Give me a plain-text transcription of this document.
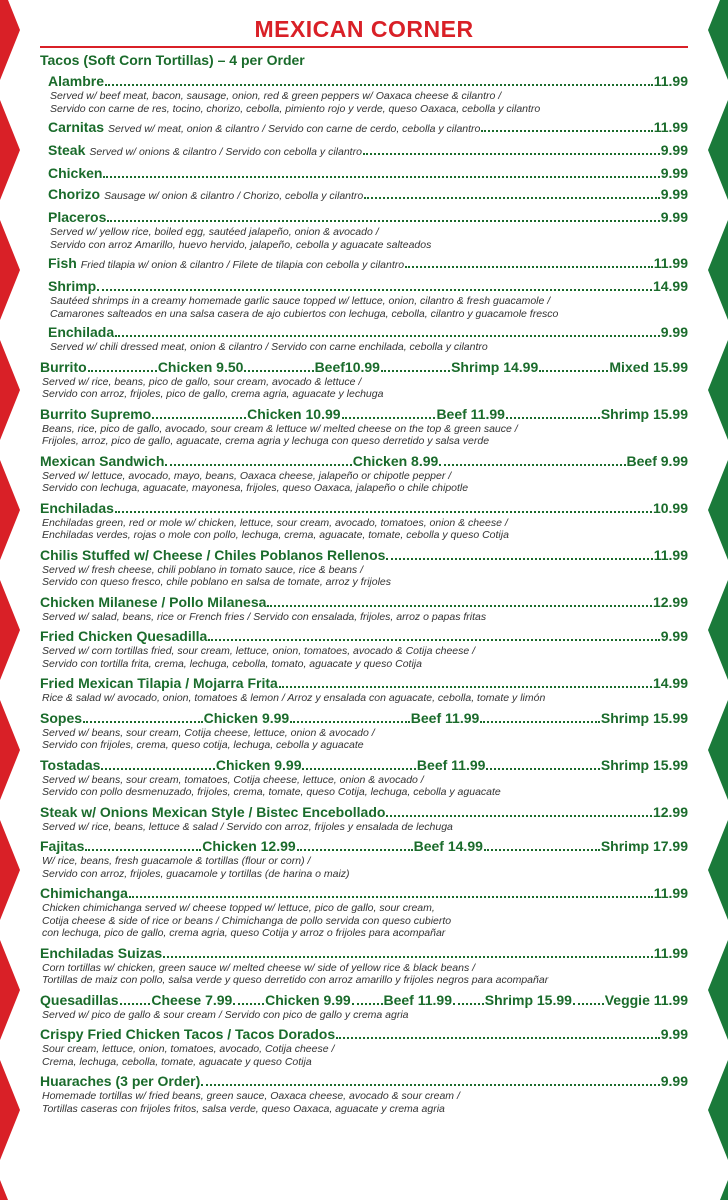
MEXICAN CORNER
Tacos (Soft Corn Tortillas) – 4 per Order
Alambre	11.99
Served w/ beef meat, bacon, sausage, onion, red & green peppers w/ Oaxaca cheese & cilantro /
Servido con carne de res, tocino, chorizo, cebolla, pimiento rojo y verde, queso Oaxaca, cebolla y cilantro
Carnitas Served w/ meat, onion & cilantro / Servido con carne de cerdo, cebolla y cilantro	11.99
Steak Served w/ onions & cilantro / Servido con cebolla y cilantro	9.99
Chicken	9.99
Chorizo Sausage w/ onion & cilantro / Chorizo, cebolla y cilantro	9.99
Placeros	9.99
Served w/ yellow rice, boiled egg, sautéed jalapeño, onion & avocado /
Servido con arroz Amarillo, huevo hervido, jalapeño, cebolla y aguacate salteados
Fish Fried tilapia w/ onion & cilantro / Filete de tilapia con cebolla y cilantro	11.99
Shrimp	14.99
Sautéed shrimps in a creamy homemade garlic sauce topped w/ lettuce, onion, cilantro & fresh guacamole /
Camarones salteados en una salsa casera de ajo cubiertos con lechuga, cebolla, cilantro y guacamole fresco
Enchilada	9.99
Served w/ chili dressed meat, onion & cilantro / Servido con carne enchilada, cebolla y cilantro
Burrito	Chicken 9.50	Beef10.99	Shrimp 14.99	Mixed 15.99
Served w/ rice, beans, pico de gallo, sour cream, avocado & lettuce /
Servido con arroz, frijoles, pico de gallo, crema agria, aguacate y lechuga
Burrito Supremo	Chicken 10.99	Beef 11.99	Shrimp 15.99
Beans, rice, pico de gallo, avocado, sour cream & lettuce w/ melted cheese on the top & green sauce /
Frijoles, arroz, pico de gallo, aguacate, crema agria y lechuga con queso derretido y salsa verde
Mexican Sandwich	Chicken 8.99	Beef 9.99
Served w/ lettuce, avocado, mayo, beans, Oaxaca cheese, jalapeño or chipotle pepper /
Servido con lechuga, aguacate, mayonesa, frijoles, queso Oaxaca, jalapeño o chile chipotle
Enchiladas	10.99
Enchiladas green, red or mole w/ chicken, lettuce, sour cream, avocado, tomatoes, onion & cheese /
Enchiladas verdes, rojas o mole con pollo, lechuga, crema, aguacate, tomate, cebolla y queso Cotija
Chilis Stuffed w/ Cheese / Chiles Poblanos Rellenos	11.99
Served w/ fresh cheese, chili poblano in tomato sauce, rice & beans /
Servido con queso fresco, chile poblano en salsa de tomate, arroz y frijoles
Chicken Milanese / Pollo Milanesa	12.99
Served w/ salad, beans, rice or French fries / Servido con ensalada, frijoles, arroz o papas fritas
Fried Chicken Quesadilla	9.99
Served w/ corn tortillas fried, sour cream, lettuce, onion, tomatoes, avocado & Cotija cheese /
Servido con tortilla frita, crema, lechuga, cebolla, tomato, aguacate y queso Cotija
Fried Mexican Tilapia / Mojarra Frita	14.99
Rice & salad w/ avocado, onion, tomatoes & lemon / Arroz y ensalada con aguacate, cebolla, tomate y limón
Sopes	Chicken 9.99	Beef 11.99	Shrimp 15.99
Served w/ beans, sour cream, Cotija cheese, lettuce, onion & avocado /
Servido con frijoles, crema, queso cotija, lechuga, cebolla y aguacate
Tostadas	Chicken 9.99	Beef 11.99	Shrimp 15.99
Served w/ beans, sour cream, tomatoes, Cotija cheese, lettuce, onion & avocado /
Servido con pollo desmenuzado, frijoles, crema, tomate, queso Cotija, lechuga, cebolla y aguacate
Steak w/ Onions Mexican Style / Bistec Encebollado	12.99
Served w/ rice, beans, lettuce & salad / Servido con arroz, frijoles y ensalada de lechuga
Fajitas	Chicken 12.99	Beef 14.99	Shrimp 17.99
W/ rice, beans, fresh guacamole & tortillas (flour or corn) /
Servido con arroz, frijoles, guacamole y tortillas (de harina o maiz)
Chimichanga	11.99
Chicken chimichanga served w/ cheese topped w/ lettuce, pico de gallo, sour cream,
Cotija cheese & side of rice or beans / Chimichanga de pollo servida con queso cubierto
con lechuga, pico de gallo, crema agria, queso Cotija y arroz o frijoles para acompañar
Enchiladas Suizas	11.99
Corn tortillas w/ chicken, green sauce w/ melted cheese w/ side of yellow rice & black beans /
Tortillas de maiz con pollo, salsa verde y queso derretido con arroz amarillo y frijoles negros para acompañar
Quesadillas Cheese 7.99 Chicken 9.99 Beef 11.99 Shrimp 15.99 Veggie 11.99
Served w/ pico de gallo & sour cream / Servido con pico de gallo y crema agria
Crispy Fried Chicken Tacos / Tacos Dorados	9.99
Sour cream, lettuce, onion, tomatoes, avocado, Cotija cheese /
Crema, lechuga, cebolla, tomate, aguacate y queso Cotija
Huaraches (3 per Order)	9.99
Homemade tortillas w/ fried beans, green sauce, Oaxaca cheese, avocado & sour cream /
Tortillas caseras con frijoles fritos, salsa verde, queso Oaxaca, aguacate y crema agria
